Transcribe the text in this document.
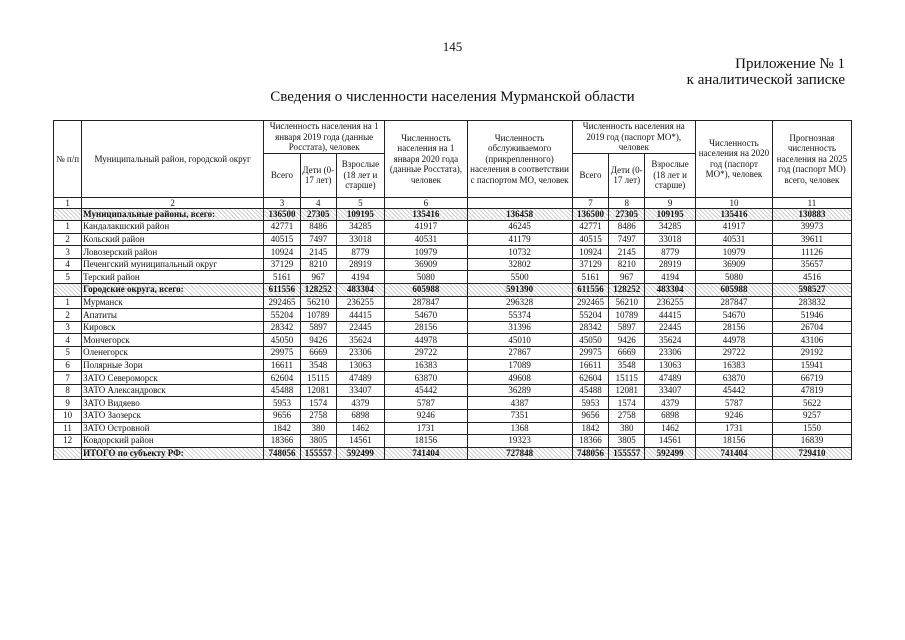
145
Приложение № 1
к аналитической записке
Сведения о численности населения Мурманской области
№ п/п	Муниципальный район, городской округ	Численность населения на 1 января 2019 года (данные Росстата), человек			Численность населения на 1 января 2020 года (данные Росстата), человек	Численность обслуживаемого (прикрепленного) населения в соответствии с паспортом МО, человек	Численность населения на 2019 год (паспорт МО*), человек			Численность населения на 2020 год (паспорт МО*), человек	Прогнозная численность населения на 2025 год (паспорт МО) всего, человек
		Всего	Дети (0-17 лет)	Взрослые (18 лет и старше)			Всего	Дети (0-17 лет)	Взрослые (18 лет и старше)		
1	2	3	4	5	6		7	8	9	10	11
	Муниципальные районы, всего:	136500	27305	109195	135416	136458	136500	27305	109195	135416	130883
1	Кандалакшский район	42771	8486	34285	41917	46245	42771	8486	34285	41917	39973
2	Кольский район	40515	7497	33018	40531	41179	40515	7497	33018	40531	39611
3	Ловозерский район	10924	2145	8779	10979	10732	10924	2145	8779	10979	11126
4	Печенгский муниципальный округ	37129	8210	28919	36909	32802	37129	8210	28919	36909	35657
5	Терский район	5161	967	4194	5080	5500	5161	967	4194	5080	4516
	Городские округа, всего:	611556	128252	483304	605988	591390	611556	128252	483304	605988	598527
1	Мурманск	292465	56210	236255	287847	296328	292465	56210	236255	287847	283832
2	Апатиты	55204	10789	44415	54670	55374	55204	10789	44415	54670	51946
3	Кировск	28342	5897	22445	28156	31396	28342	5897	22445	28156	26704
4	Мончегорск	45050	9426	35624	44978	45010	45050	9426	35624	44978	43106
5	Оленегорск	29975	6669	23306	29722	27867	29975	6669	23306	29722	29192
6	Полярные Зори	16611	3548	13063	16383	17089	16611	3548	13063	16383	15941
7	ЗАТО Североморск	62604	15115	47489	63870	49608	62604	15115	47489	63870	66719
8	ЗАТО Александровск	45488	12081	33407	45442	36289	45488	12081	33407	45442	47819
9	ЗАТО Видяево	5953	1574	4379	5787	4387	5953	1574	4379	5787	5622
10	ЗАТО Заозерск	9656	2758	6898	9246	7351	9656	2758	6898	9246	9257
11	ЗАТО Островной	1842	380	1462	1731	1368	1842	380	1462	1731	1550
12	Ковдорский район	18366	3805	14561	18156	19323	18366	3805	14561	18156	16839
	ИТОГО по субъекту РФ:	748056	155557	592499	741404	727848	748056	155557	592499	741404	729410
